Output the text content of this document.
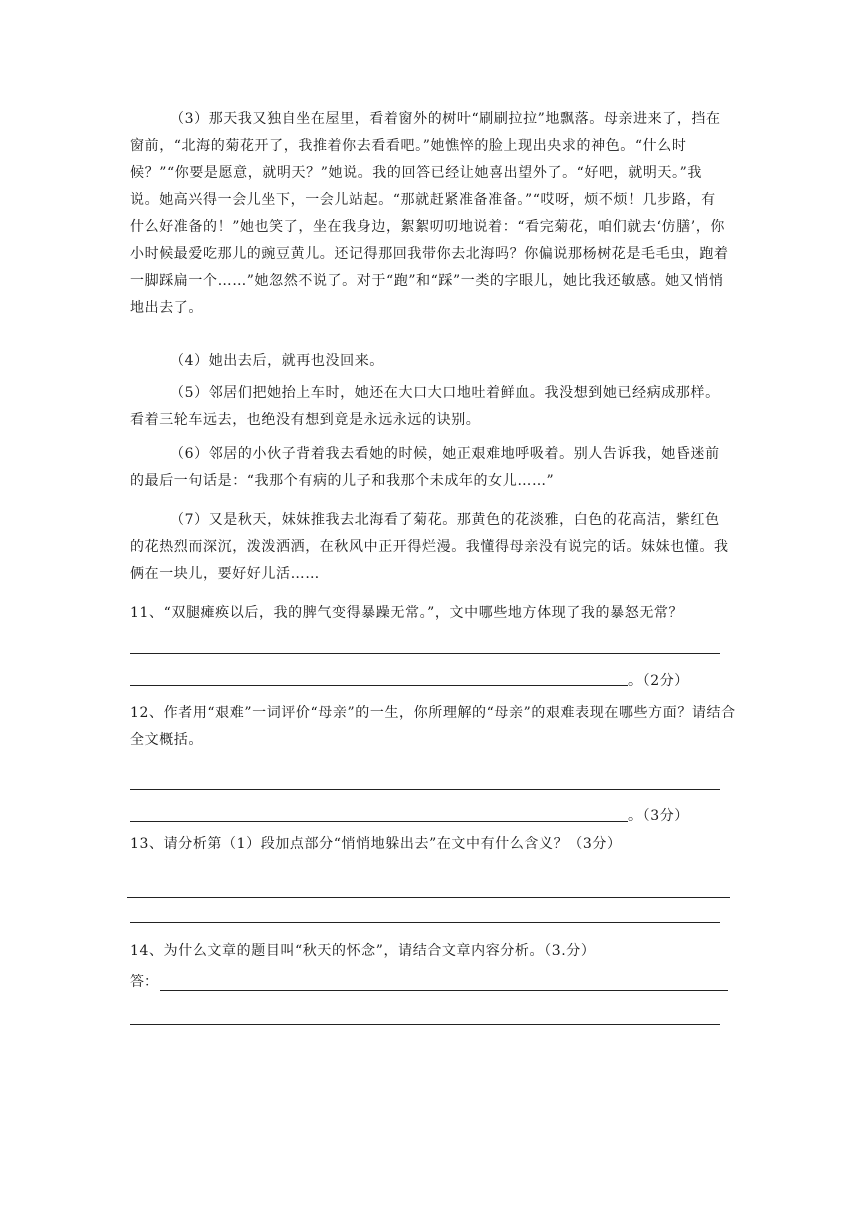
（3）那天我又独自坐在屋里，看着窗外的树叶“刷刷拉拉”地飘落。母亲进来了，挡在窗前，“北海的菊花开了，我推着你去看看吧。”她憔悴的脸上现出央求的神色。“什么时候？”“你要是愿意，就明天？”她说。我的回答已经让她喜出望外了。“好吧，就明天。”我说。她高兴得一会儿坐下，一会儿站起。“那就赶紧准备准备。”“哎呀，烦不烦！几步路，有什么好准备的！”她也笑了，坐在我身边，絮絮叨叨地说着：“看完菊花，咱们就去‘仿膳’，你小时候最爱吃那儿的豌豆黄儿。还记得那回我带你去北海吗？你偏说那杨树花是毛毛虫，跑着一脚踩扁一个……”她忽然不说了。对于“跑”和“踩”一类的字眼儿，她比我还敏感。她又悄悄地出去了。

（4）她出去后，就再也没回来。

（5）邻居们把她抬上车时，她还在大口大口地吐着鲜血。我没想到她已经病成那样。看着三轮车远去，也绝没有想到竟是永远永远的诀别。

（6）邻居的小伙子背着我去看她的时候，她正艰难地呼吸着。别人告诉我，她昏迷前的最后一句话是：“我那个有病的儿子和我那个未成年的女儿……”

（7）又是秋天，妹妹推我去北海看了菊花。那黄色的花淡雅，白色的花高洁，紫红色的花热烈而深沉，泼泼洒洒，在秋风中正开得烂漫。我懂得母亲没有说完的话。妹妹也懂。我俩在一块儿，要好好儿活……

11、“双腿瘫痪以后，我的脾气变得暴躁无常。”，文中哪些地方体现了我的暴怒无常？

。（2分）

12、作者用“艰难”一词评价“母亲”的一生，你所理解的“母亲”的艰难表现在哪些方面？请结合全文概括。

。（3分）

13、请分析第（1）段加点部分“悄悄地躲出去”在文中有什么含义？（3分）

14、为什么文章的题目叫“秋天的怀念”，请结合文章内容分析。（3.分）

答：
